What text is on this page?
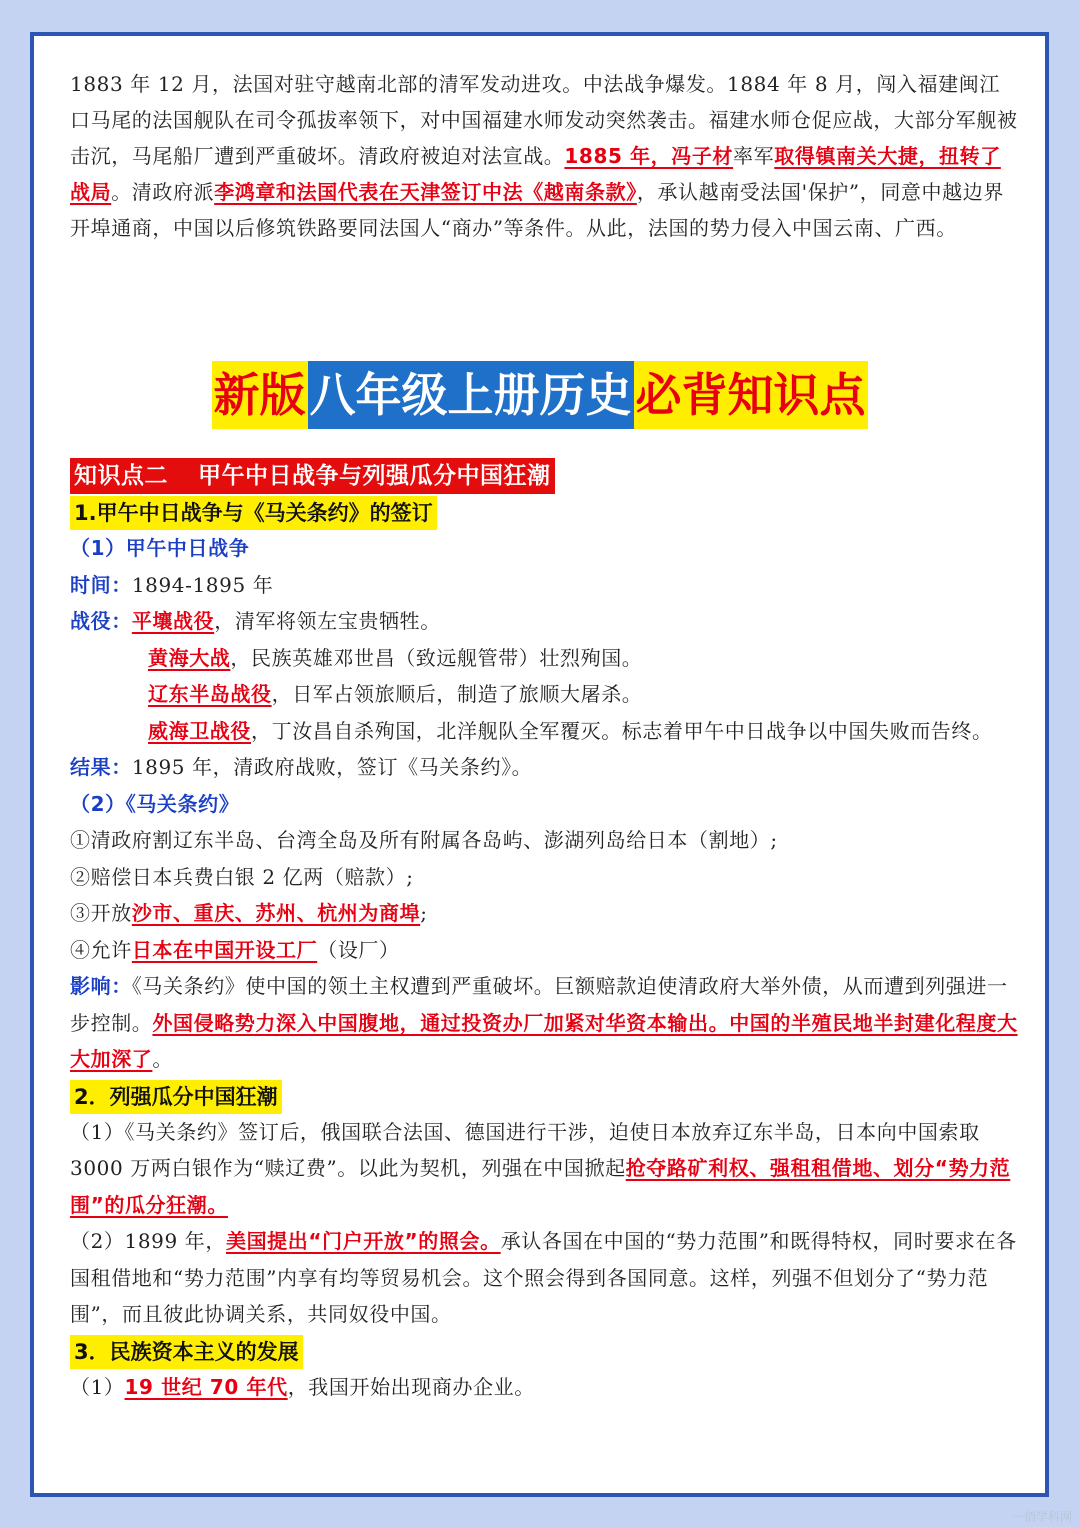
1883 年 12 月，法国对驻守越南北部的清军发动进攻。中法战争爆发。1884 年 8 月，闯入福建闽江口马尾的法国舰队在司令孤拔率领下，对中国福建水师发动突然袭击。福建水师仓促应战，大部分军舰被击沉，马尾船厂遭到严重破坏。清政府被迫对法宣战。1885 年，冯子材率军取得镇南关大捷，扭转了战局。清政府派李鸿章和法国代表在天津签订中法《越南条款》，承认越南受法国'保护”，同意中越边界开埠通商，中国以后修筑铁路要同法国人“商办”等条件。从此，法国的势力侵入中国云南、广西。

新版八年级上册历史必背知识点
知识点二 甲午中日战争与列强瓜分中国狂潮
1.甲午中日战争与《马关条约》的签订

（1）甲午中日战争

时间：1894-1895 年

战役：平壤战役，清军将领左宝贵牺牲。

黄海大战，民族英雄邓世昌（致远舰管带）壮烈殉国。

辽东半岛战役，日军占领旅顺后，制造了旅顺大屠杀。

威海卫战役，丁汝昌自杀殉国，北洋舰队全军覆灭。标志着甲午中日战争以中国失败而告终。

结果：1895 年，清政府战败，签订《马关条约》。

（2）《马关条约》

①清政府割辽东半岛、台湾全岛及所有附属各岛屿、澎湖列岛给日本（割地）;

②赔偿日本兵费白银 2 亿两（赔款）;

③开放沙市、重庆、苏州、杭州为商埠;

④允许日本在中国开设工厂（设厂）

影响：《马关条约》使中国的领土主权遭到严重破坏。巨额赔款迫使清政府大举外债，从而遭到列强进一步控制。外国侵略势力深入中国腹地，通过投资办厂加紧对华资本输出。中国的半殖民地半封建化程度大大加深了。

2．列强瓜分中国狂潮

（1）《马关条约》签订后，俄国联合法国、德国进行干涉，迫使日本放弃辽东半岛，日本向中国索取 3000 万两白银作为“赎辽费”。以此为契机，列强在中国掀起抢夺路矿利权、强租租借地、划分“势力范围”的瓜分狂潮。

（2）1899 年，美国提出“门户开放”的照会。承认各国在中国的“势力范围”和既得特权，同时要求在各国租借地和“势力范围”内享有均等贸易机会。这个照会得到各国同意。这样，列强不但划分了“势力范围”，而且彼此协调关系，共同奴役中国。

3．民族资本主义的发展

（1）19 世纪 70 年代，我国开始出现商办企业。

一佰学科网
